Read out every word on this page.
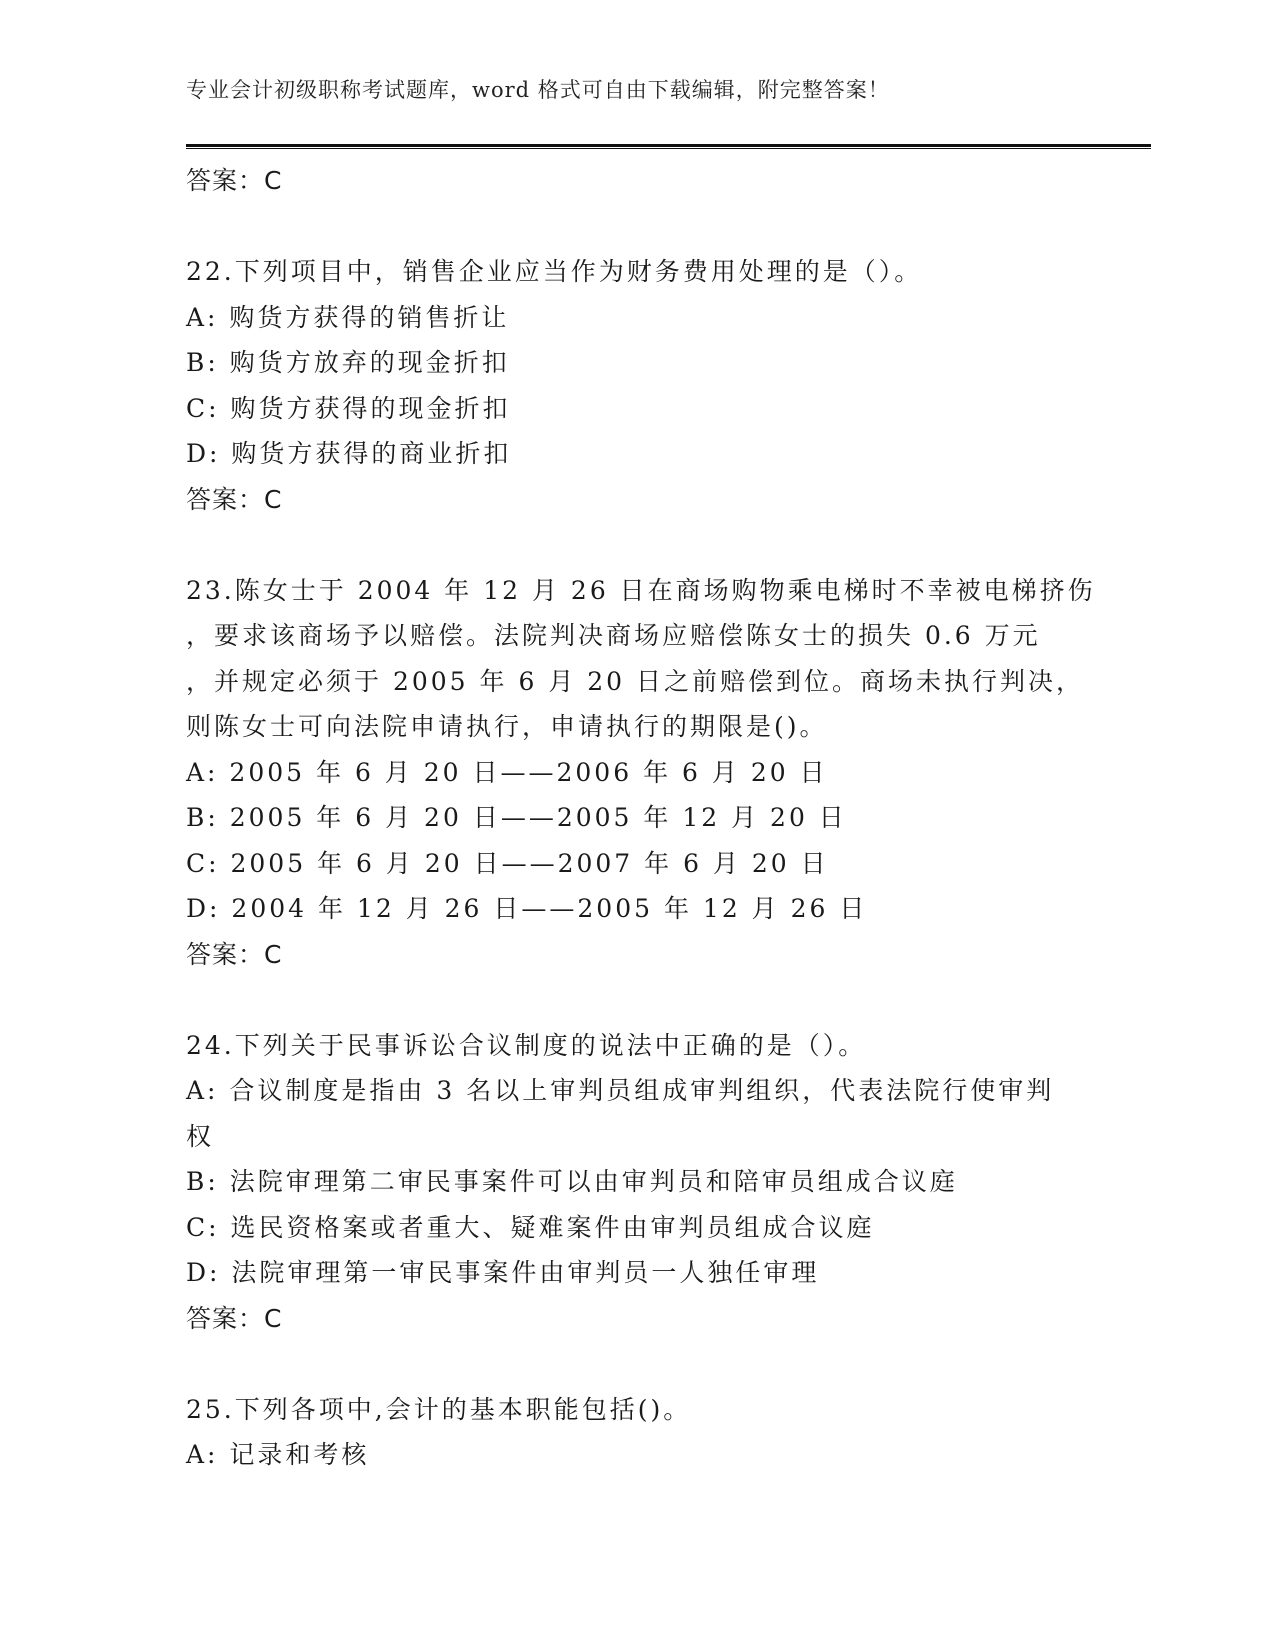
专业会计初级职称考试题库，word 格式可自由下载编辑，附完整答案！

答案：C

22.下列项目中，销售企业应当作为财务费用处理的是（）。

A: 购货方获得的销售折让

B: 购货方放弃的现金折扣

C: 购货方获得的现金折扣

D: 购货方获得的商业折扣

答案：C

23.陈女士于 2004 年 12 月 26 日在商场购物乘电梯时不幸被电梯挤伤

，要求该商场予以赔偿。法院判决商场应赔偿陈女士的损失 0.6 万元

，并规定必须于 2005 年 6 月 20 日之前赔偿到位。商场未执行判决，

则陈女士可向法院申请执行，申请执行的期限是()。

A: 2005 年 6 月 20 日——2006 年 6 月 20 日

B: 2005 年 6 月 20 日——2005 年 12 月 20 日

C: 2005 年 6 月 20 日——2007 年 6 月 20 日

D: 2004 年 12 月 26 日——2005 年 12 月 26 日

答案：C

24.下列关于民事诉讼合议制度的说法中正确的是（）。

A: 合议制度是指由 3 名以上审判员组成审判组织，代表法院行使审判

权

B: 法院审理第二审民事案件可以由审判员和陪审员组成合议庭

C: 选民资格案或者重大、疑难案件由审判员组成合议庭

D: 法院审理第一审民事案件由审判员一人独任审理

答案：C

25.下列各项中,会计的基本职能包括()。

A: 记录和考核
